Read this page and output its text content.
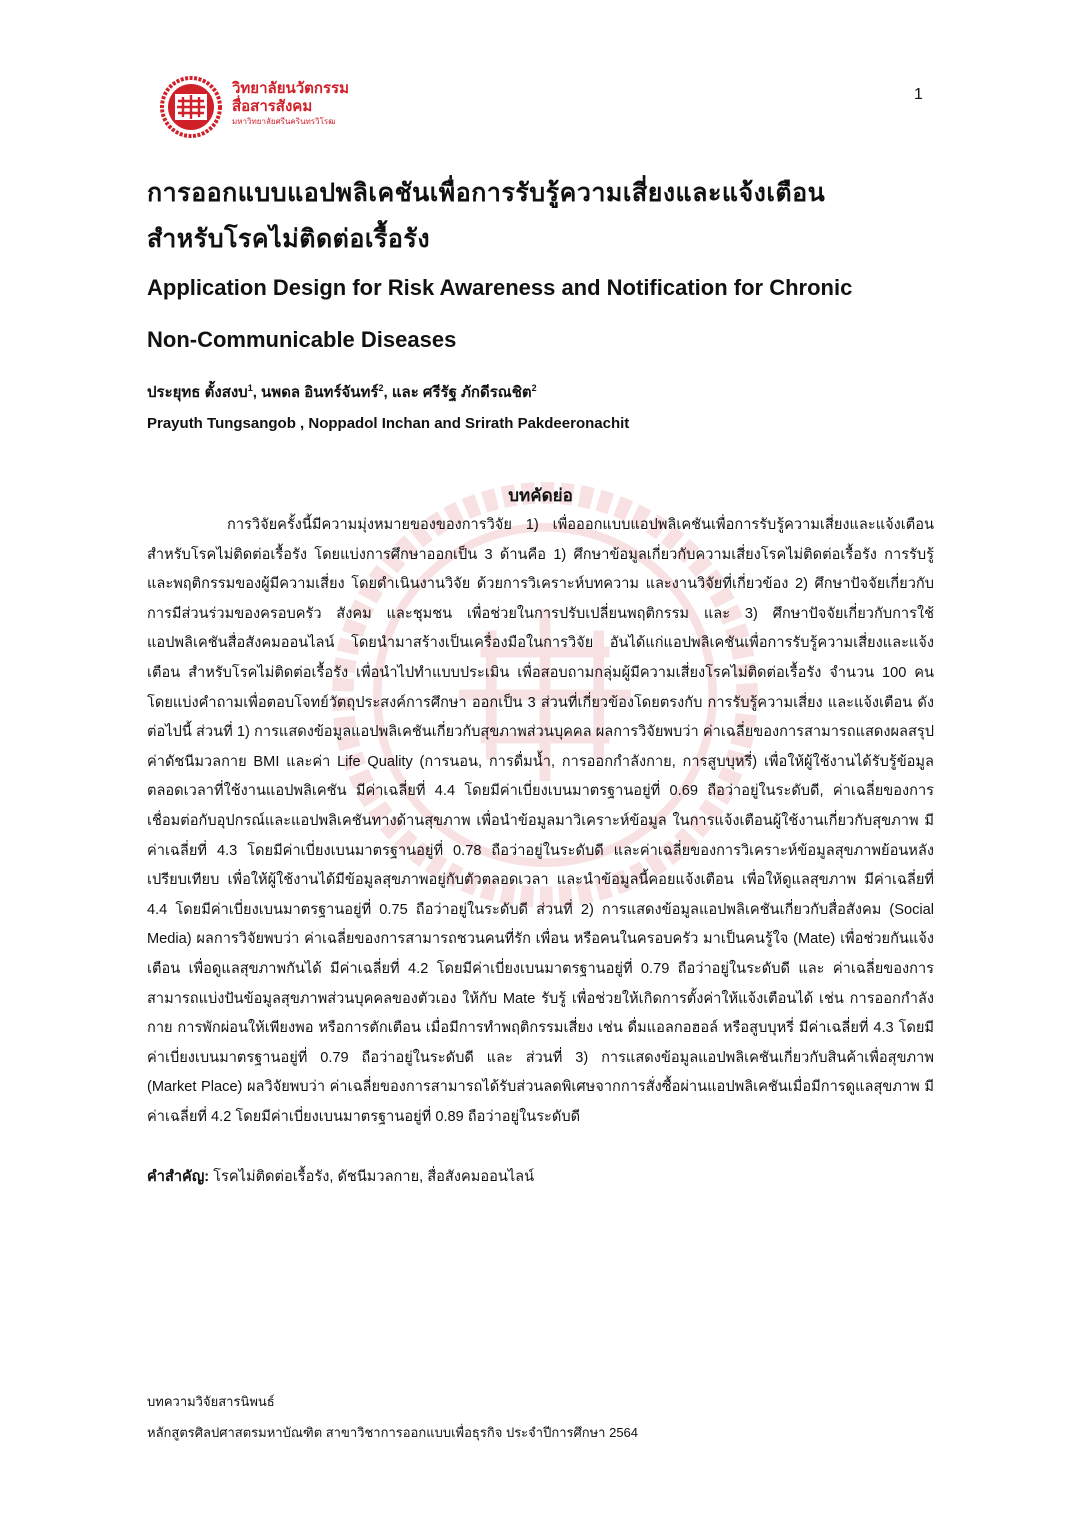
วิทยาลัยนวัตกรรม
สื่อสารสังคม
มหาวิทยาลัยศรีนครินทรวิโรฒ
1
การออกแบบแอปพลิเคชันเพื่อการรับรู้ความเสี่ยงและแจ้งเตือน
สำหรับโรคไม่ติดต่อเรื้อรัง
Application Design for Risk Awareness and Notification for Chronic
Non-Communicable Diseases
ประยุทธ ตั้งสงบ$^1$, นพดล อินทร์จันทร์$^2$, และ ศรีรัฐ ภักดีรณชิต$^2$
Prayuth Tungsangob , Noppadol Inchan and Srirath Pakdeeronachit
บทคัดย่อ

การวิจัยครั้งนี้มีความมุ่งหมายของของการวิจัย 1) เพื่อออกแบบแอปพลิเคชันเพื่อการรับรู้ความเสี่ยงและแจ้งเตือน สำหรับโรคไม่ติดต่อเรื้อรัง โดยแบ่งการศึกษาออกเป็น 3 ด้านคือ 1) ศึกษาข้อมูลเกี่ยวกับความเสี่ยงโรคไม่ติดต่อเรื้อรัง การรับรู้ และพฤติกรรมของผู้มีความเสี่ยง โดยดำเนินงานวิจัย ด้วยการวิเคราะห์บทความ และงานวิจัยที่เกี่ยวข้อง 2) ศึกษาปัจจัยเกี่ยวกับการมีส่วนร่วมของครอบครัว สังคม และชุมชน เพื่อช่วยในการปรับเปลี่ยนพฤติกรรม และ 3) ศึกษาปัจจัยเกี่ยวกับการใช้แอปพลิเคชันสื่อสังคมออนไลน์ โดยนำมาสร้างเป็นเครื่องมือในการวิจัย อันได้แก่แอปพลิเคชันเพื่อการรับรู้ความเสี่ยงและแจ้งเตือน สำหรับโรคไม่ติดต่อเรื้อรัง เพื่อนำไปทำแบบประเมิน เพื่อสอบถามกลุ่มผู้มีความเสี่ยงโรคไม่ติดต่อเรื้อรัง จำนวน 100 คน โดยแบ่งคำถามเพื่อตอบโจทย์วัตถุประสงค์การศึกษา ออกเป็น 3 ส่วนที่เกี่ยวข้องโดยตรงกับ การรับรู้ความเสี่ยง และแจ้งเตือน ดังต่อไปนี้ ส่วนที่ 1) การแสดงข้อมูลแอปพลิเคชันเกี่ยวกับสุขภาพส่วนบุคคล ผลการวิจัยพบว่า ค่าเฉลี่ยของการสามารถแสดงผลสรุปค่าดัชนีมวลกาย BMI และค่า Life Quality (การนอน, การดื่มน้ำ, การออกกำลังกาย, การสูบบุหรี่) เพื่อให้ผู้ใช้งานได้รับรู้ข้อมูลตลอดเวลาที่ใช้งานแอปพลิเคชัน มีค่าเฉลี่ยที่ 4.4 โดยมีค่าเบี่ยงเบนมาตรฐานอยู่ที่ 0.69 ถือว่าอยู่ในระดับดี, ค่าเฉลี่ยของการเชื่อมต่อกับอุปกรณ์และแอปพลิเคชันทางด้านสุขภาพ เพื่อนำข้อมูลมาวิเคราะห์ข้อมูล ในการแจ้งเตือนผู้ใช้งานเกี่ยวกับสุขภาพ มีค่าเฉลี่ยที่ 4.3 โดยมีค่าเบี่ยงเบนมาตรฐานอยู่ที่ 0.78 ถือว่าอยู่ในระดับดี และค่าเฉลี่ยของการวิเคราะห์ข้อมูลสุขภาพย้อนหลังเปรียบเทียบ เพื่อให้ผู้ใช้งานได้มีข้อมูลสุขภาพอยู่กับตัวตลอดเวลา และนำข้อมูลนี้คอยแจ้งเตือน เพื่อให้ดูแลสุขภาพ มีค่าเฉลี่ยที่ 4.4 โดยมีค่าเบี่ยงเบนมาตรฐานอยู่ที่ 0.75 ถือว่าอยู่ในระดับดี ส่วนที่ 2) การแสดงข้อมูลแอปพลิเคชันเกี่ยวกับสื่อสังคม (Social Media) ผลการวิจัยพบว่า ค่าเฉลี่ยของการสามารถชวนคนที่รัก เพื่อน หรือคนในครอบครัว มาเป็นคนรู้ใจ (Mate) เพื่อช่วยกันแจ้งเตือน เพื่อดูแลสุขภาพกันได้ มีค่าเฉลี่ยที่ 4.2 โดยมีค่าเบี่ยงเบนมาตรฐานอยู่ที่ 0.79 ถือว่าอยู่ในระดับดี และ ค่าเฉลี่ยของการสามารถแบ่งปันข้อมูลสุขภาพส่วนบุคคลของตัวเอง ให้กับ Mate รับรู้ เพื่อช่วยให้เกิดการตั้งค่าให้แจ้งเตือนได้ เช่น การออกกำลังกาย การพักผ่อนให้เพียงพอ หรือการตักเตือน เมื่อมีการทำพฤติกรรมเสี่ยง เช่น ดื่มแอลกอฮอล์ หรือสูบบุหรี่ มีค่าเฉลี่ยที่ 4.3 โดยมีค่าเบี่ยงเบนมาตรฐานอยู่ที่ 0.79 ถือว่าอยู่ในระดับดี และ ส่วนที่ 3) การแสดงข้อมูลแอปพลิเคชันเกี่ยวกับสินค้าเพื่อสุขภาพ (Market Place) ผลวิจัยพบว่า ค่าเฉลี่ยของการสามารถได้รับส่วนลดพิเศษจากการสั่งซื้อผ่านแอปพลิเคชันเมื่อมีการดูแลสุขภาพ มีค่าเฉลี่ยที่ 4.2 โดยมีค่าเบี่ยงเบนมาตรฐานอยู่ที่ 0.89 ถือว่าอยู่ในระดับดี

คำสำคัญ: โรคไม่ติดต่อเรื้อรัง, ดัชนีมวลกาย, สื่อสังคมออนไลน์
บทความวิจัยสารนิพนธ์
หลักสูตรศิลปศาสตรมหาบัณฑิต สาขาวิชาการออกแบบเพื่อธุรกิจ ประจำปีการศึกษา 2564
